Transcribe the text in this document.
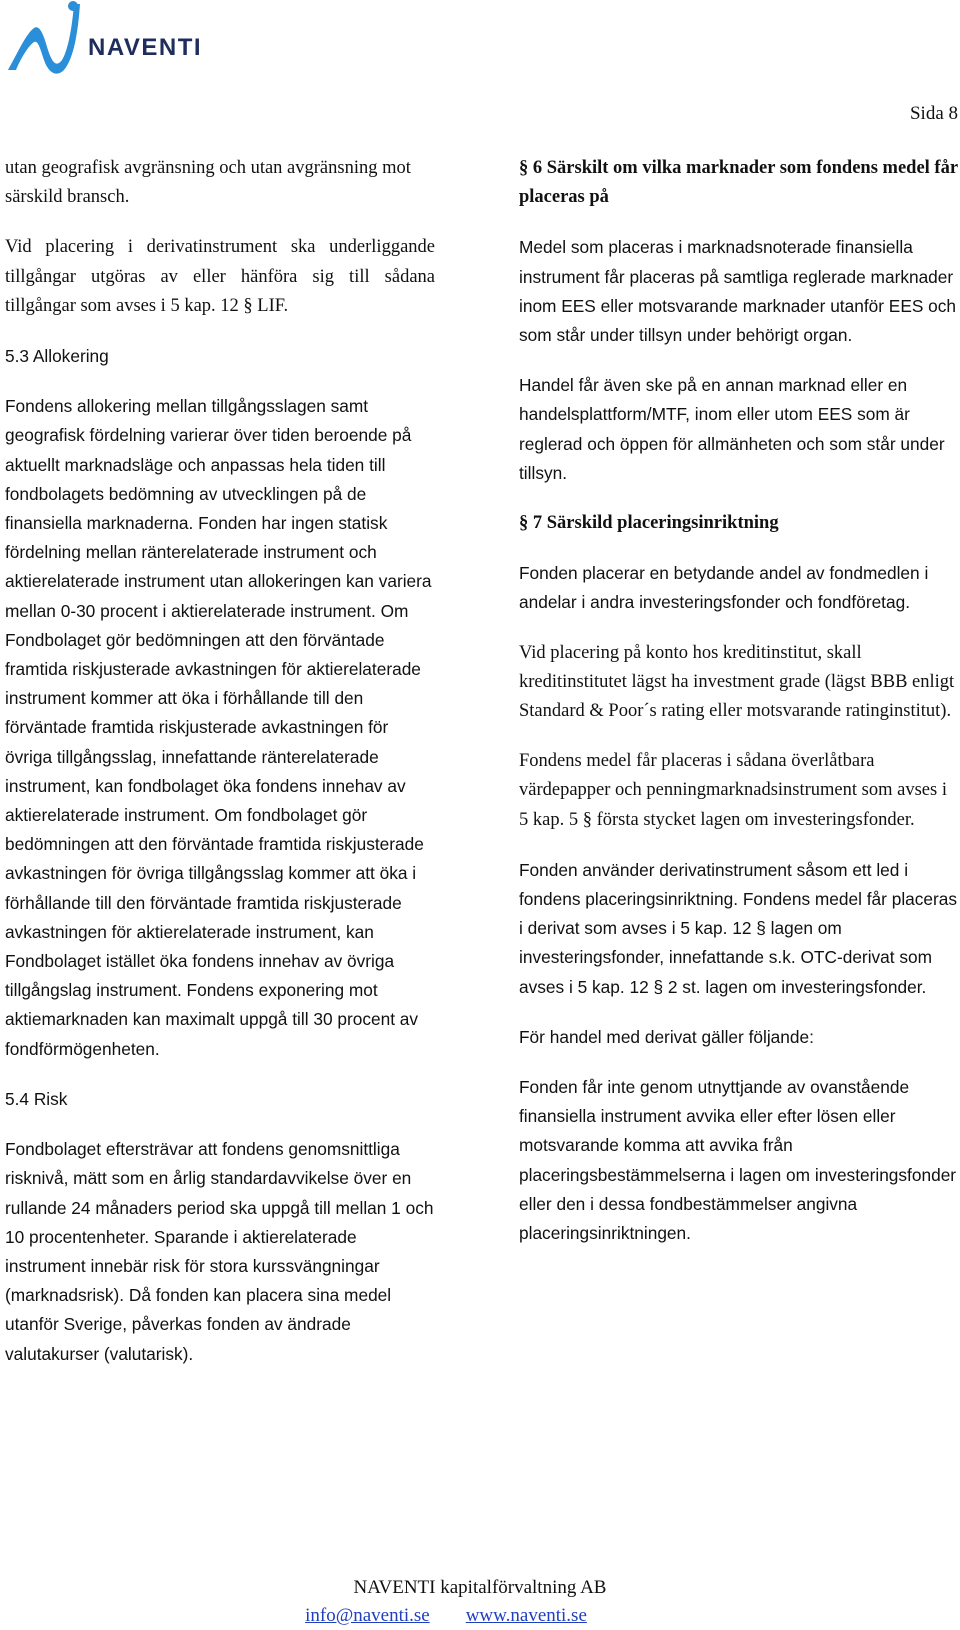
NAVENTI
Sida 8

utan geografisk avgränsning och utan avgränsning mot särskild bransch.

Vid placering i derivatinstrument ska underliggande tillgångar utgöras av eller hänföra sig till sådana tillgångar som avses i 5 kap. 12 § LIF.

5.3 Allokering

Fondens allokering mellan tillgångsslagen samt geografisk fördelning varierar över tiden beroende på aktuellt marknadsläge och anpassas hela tiden till fondbolagets bedömning av utvecklingen på de finansiella marknaderna. Fonden har ingen statisk fördelning mellan ränterelaterade instrument och aktierelaterade instrument utan allokeringen kan variera mellan 0-30 procent i aktierelaterade instrument. Om Fondbolaget gör bedömningen att den förväntade framtida riskjusterade avkastningen för aktierelaterade instrument kommer att öka i förhållande till den förväntade framtida riskjusterade avkastningen för övriga tillgångsslag, innefattande ränterelaterade instrument, kan fondbolaget öka fondens innehav av aktierelaterade instrument. Om fondbolaget gör bedömningen att den förväntade framtida riskjusterade avkastningen för övriga tillgångsslag kommer att öka i förhållande till den förväntade framtida riskjusterade avkastningen för aktierelaterade instrument, kan Fondbolaget istället öka fondens innehav av övriga tillgångslag instrument. Fondens exponering mot aktiemarknaden kan maximalt uppgå till 30 procent av fondförmögenheten.

5.4 Risk

Fondbolaget eftersträvar att fondens genomsnittliga risknivå, mätt som en årlig standardavvikelse över en rullande 24 månaders period ska uppgå till mellan 1 och 10 procentenheter. Sparande i aktierelaterade instrument innebär risk för stora kurssvängningar (marknadsrisk). Då fonden kan placera sina medel utanför Sverige, påverkas fonden av ändrade valutakurser (valutarisk).

§ 6 Särskilt om vilka marknader som fondens medel får placeras på

Medel som placeras i marknadsnoterade finansiella instrument får placeras på samtliga reglerade marknader inom EES eller motsvarande marknader utanför EES och som står under tillsyn under behörigt organ.

Handel får även ske på en annan marknad eller en handelsplattform/MTF, inom eller utom EES som är reglerad och öppen för allmänheten och som står under tillsyn.

§ 7 Särskild placeringsinriktning

Fonden placerar en betydande andel av fondmedlen i andelar i andra investeringsfonder och fondföretag.

Vid placering på konto hos kreditinstitut, skall kreditinstitutet lägst ha investment grade (lägst BBB enligt Standard & Poor´s rating eller motsvarande ratinginstitut).

Fondens medel får placeras i sådana överlåtbara värdepapper och penningmarknadsinstrument som avses i 5 kap. 5 § första stycket lagen om investeringsfonder.

Fonden använder derivatinstrument såsom ett led i fondens placeringsinriktning. Fondens medel får placeras i derivat som avses i 5 kap. 12 § lagen om investeringsfonder, innefattande s.k. OTC-derivat som avses i 5 kap. 12 § 2 st. lagen om investeringsfonder.

För handel med derivat gäller följande:

Fonden får inte genom utnyttjande av ovanstående finansiella instrument avvika eller efter lösen eller motsvarande komma att avvika från placeringsbestämmelserna i lagen om investeringsfonder eller den i dessa fondbestämmelser angivna placeringsinriktningen.

NAVENTI kapitalförvaltning AB
info@naventi.se www.naventi.se
